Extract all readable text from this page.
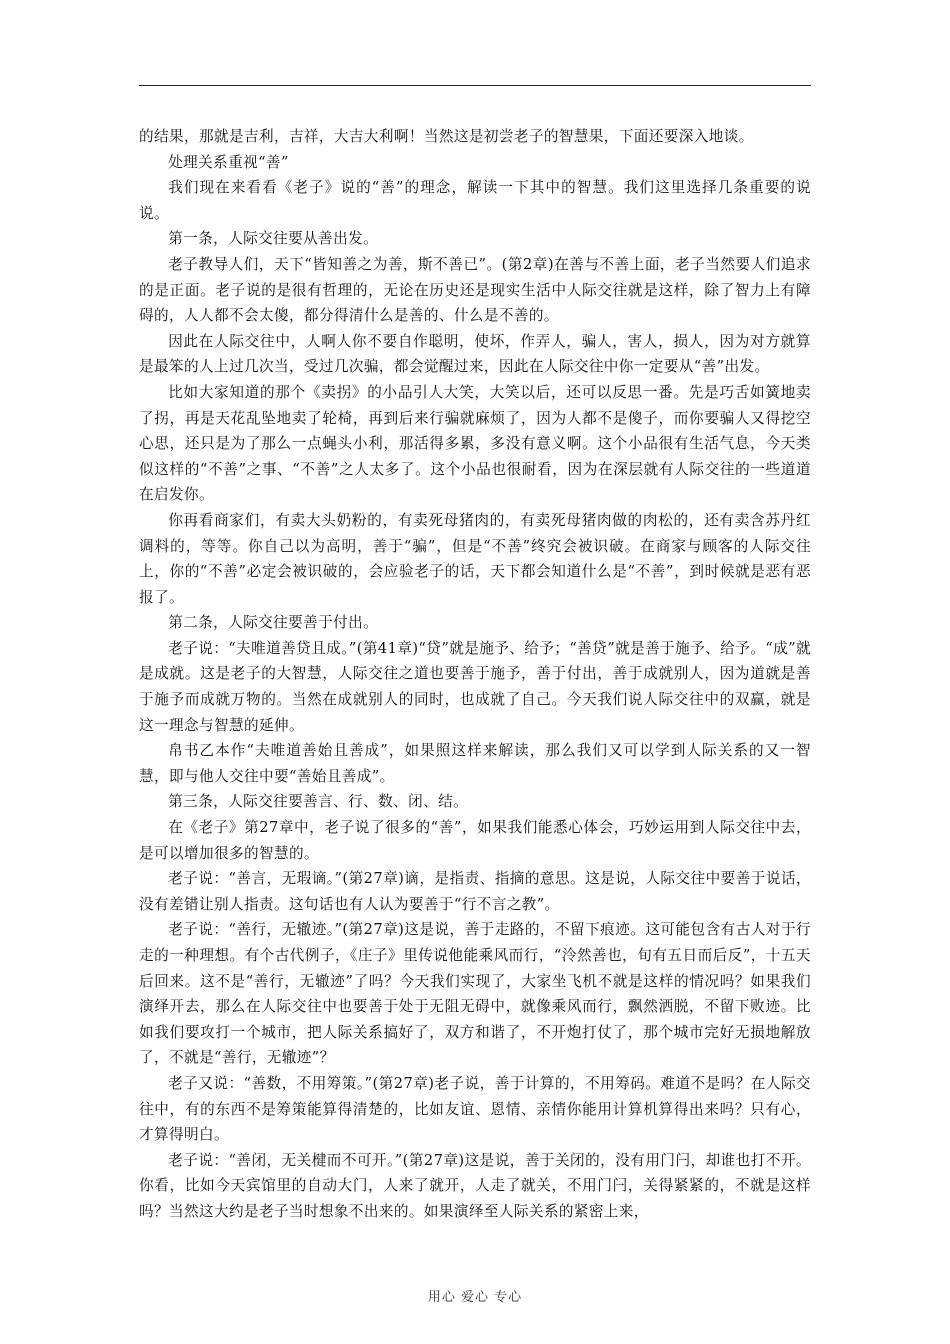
的结果，那就是吉利，吉祥，大吉大利啊！当然这是初尝老子的智慧果，下面还要深入地谈。

处理关系重视“善”

我们现在来看看《老子》说的“善”的理念，解读一下其中的智慧。我们这里选择几条重要的说说。

第一条，人际交往要从善出发。

老子教导人们，天下“皆知善之为善，斯不善已”。(第2章)在善与不善上面，老子当然要人们追求的是正面。老子说的是很有哲理的，无论在历史还是现实生活中人际交往就是这样，除了智力上有障碍的，人人都不会太傻，都分得清什么是善的、什么是不善的。

因此在人际交往中，人啊人你不要自作聪明，使坏，作弄人，骗人，害人，损人，因为对方就算是最笨的人上过几次当，受过几次骗，都会觉醒过来，因此在人际交往中你一定要从“善”出发。

比如大家知道的那个《卖拐》的小品引人大笑，大笑以后，还可以反思一番。先是巧舌如簧地卖了拐，再是天花乱坠地卖了轮椅，再到后来行骗就麻烦了，因为人都不是傻子，而你要骗人又得挖空心思，还只是为了那么一点蝇头小利，那活得多累，多没有意义啊。这个小品很有生活气息，今天类似这样的“不善”之事、“不善”之人太多了。这个小品也很耐看，因为在深层就有人际交往的一些道道在启发你。

你再看商家们，有卖大头奶粉的，有卖死母猪肉的，有卖死母猪肉做的肉松的，还有卖含苏丹红调料的，等等。你自己以为高明，善于“骗”，但是“不善”终究会被识破。在商家与顾客的人际交往上，你的“不善”必定会被识破的，会应验老子的话，天下都会知道什么是“不善”，到时候就是恶有恶报了。

第二条，人际交往要善于付出。

老子说：“夫唯道善贷且成。”(第41章)“贷”就是施予、给予；“善贷”就是善于施予、给予。“成”就是成就。这是老子的大智慧，人际交往之道也要善于施予，善于付出，善于成就别人，因为道就是善于施予而成就万物的。当然在成就别人的同时，也成就了自己。今天我们说人际交往中的双赢，就是这一理念与智慧的延伸。

帛书乙本作“夫唯道善始且善成”，如果照这样来解读，那么我们又可以学到人际关系的又一智慧，即与他人交往中要“善始且善成”。

第三条，人际交往要善言、行、数、闭、结。

在《老子》第27章中，老子说了很多的“善”，如果我们能悉心体会，巧妙运用到人际交往中去，是可以增加很多的智慧的。

老子说：“善言，无瑕谪。”(第27章)谪，是指责、指摘的意思。这是说，人际交往中要善于说话，没有差错让别人指责。这句话也有人认为要善于“行不言之教”。

老子说：“善行，无辙迹。”(第27章)这是说，善于走路的，不留下痕迹。这可能包含有古人对于行走的一种理想。有个古代例子，《庄子》里传说他能乘风而行，“泠然善也，旬有五日而后反”，十五天后回来。这不是“善行，无辙迹”了吗？今天我们实现了，大家坐飞机不就是这样的情况吗？如果我们演绎开去，那么在人际交往中也要善于处于无阻无碍中，就像乘风而行，飘然洒脱，不留下败迹。比如我们要攻打一个城市，把人际关系搞好了，双方和谐了，不开炮打仗了，那个城市完好无损地解放了，不就是“善行，无辙迹”？

老子又说：“善数，不用筹策。”(第27章)老子说，善于计算的，不用筹码。难道不是吗？在人际交往中，有的东西不是筹策能算得清楚的，比如友谊、恩情、亲情你能用计算机算得出来吗？只有心，才算得明白。

老子说：“善闭，无关楗而不可开。”(第27章)这是说，善于关闭的，没有用门闩，却谁也打不开。你看，比如今天宾馆里的自动大门，人来了就开，人走了就关，不用门闩，关得紧紧的，不就是这样吗？当然这大约是老子当时想象不出来的。如果演绎至人际关系的紧密上来，

用心 爱心 专心
